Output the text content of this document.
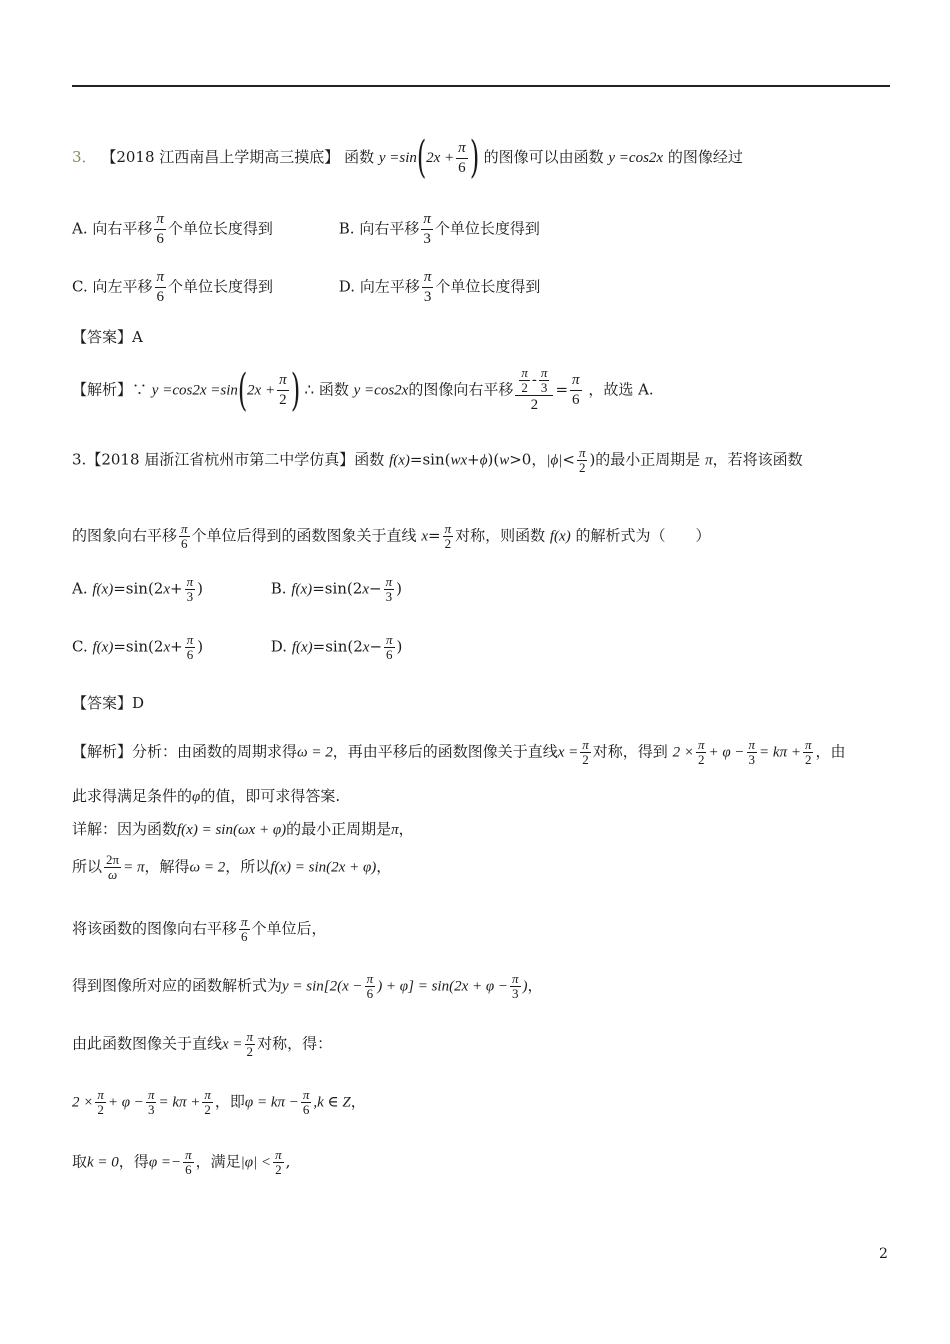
3． 【2018 江西南昌上学期高三摸底】 函数 $y =\sin(2x + \frac{\pi}{6}$ ) 的图像可以由函数 y =cos2x 的图像经过
A. 向右平移 $\frac{\pi}{6}$ 个单位长度得到	B. 向右平移 $\frac{\pi}{3}$ 个单位长度得到
C. 向左平移 $\frac{\pi}{6}$ 个单位长度得到	D. 向左平移 $\frac{\pi}{3}$ 个单位长度得到
【答案】A
【解析】∵ $y =\cos 2x =\sin(2x + \frac{\pi}{2}$ ) ∴ 函数 y =cos2x的图像向右平移 $\frac{\frac{\pi}{2} - \frac{\pi}{3}}{2} = \frac{\pi}{6}$ ，故选 A.
3.【2018 届浙江省杭州市第二中学仿真】函数 f(x)=sin(wx+ϕ)(w>0，$|\phi|< \frac{\pi}{2}$ )的最小正周期是 π，若将该函数
的图象向右平移 $\frac{\pi}{6}$ 个单位后得到的函数图象关于直线 $x= \frac{\pi}{2}$ 对称，则函数 f(x) 的解析式为（　　）
A. $f(x)=\sin(2x+ \frac{\pi}{3}$ )	B. $f(x)=\sin(2x- \frac{\pi}{3}$ )
C. $f(x)=\sin(2x+ \frac{\pi}{6}$ )	D. $f(x)=\sin(2x- \frac{\pi}{6}$ )
【答案】D
【解析】分析：由函数的周期求得ω = 2，再由平移后的函数图像关于直线$x = \frac{\pi}{2}$ 对称，得到 $2 \times \frac{\pi}{2} + \varphi - \frac{\pi}{3} = k\pi + \frac{\pi}{2}$ ，由
此求得满足条件的φ的值，即可求得答案.
详解：因为函数f(x) = sin(ωx + φ)的最小正周期是π，
所以 $\frac{2\pi}{\omega} = \pi$，解得ω = 2，所以f(x) = sin(2x + φ)，
将该函数的图像向右平移 $\frac{\pi}{6}$ 个单位后，
得到图像所对应的函数解析式为$y = \sin[2(x - \frac{\pi}{6}$ ) + $\varphi] = \sin(2x + \varphi - \frac{\pi}{3}$ )，
由此函数图像关于直线$x = \frac{\pi}{2}$ 对称，得：
$2 \times \frac{\pi}{2} + \varphi - \frac{\pi}{3} = k\pi + \frac{\pi}{2}$ ，即$\varphi = k\pi - \frac{\pi}{6} ,k$ ∈ Z，
取k = 0，得$\varphi =- \frac{\pi}{6}$ ，满足$|\varphi| < \frac{\pi}{2}$ ,
2
